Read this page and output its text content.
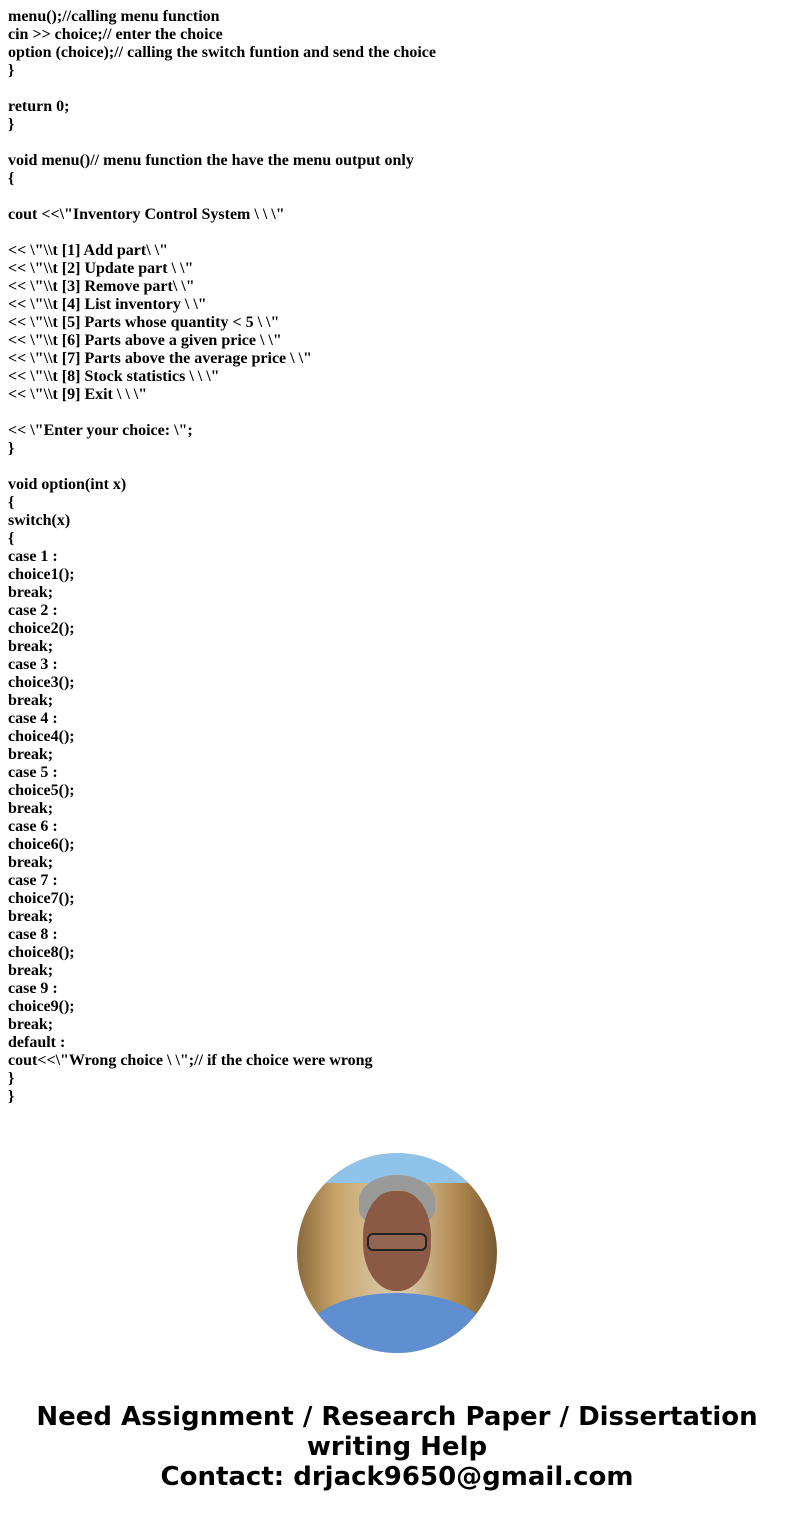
menu();//calling menu function
cin >> choice;// enter the choice
option (choice);// calling the switch funtion and send the choice
}
return 0;
}
void menu()// menu function the have the menu output only
{
cout <<\"Inventory Control System \ \ \"
<< \"\\t [1] Add part\ \"
<< \"\\t [2] Update part \ \"
<< \"\\t [3] Remove part\ \"
<< \"\\t [4] List inventory \ \"
<< \"\\t [5] Parts whose quantity < 5 \ \"
<< \"\\t [6] Parts above a given price \ \"
<< \"\\t [7] Parts above the average price \ \"
<< \"\\t [8] Stock statistics \ \ \"
<< \"\\t [9] Exit \ \ \"
<< \"Enter your choice: \";
}
void option(int x)
{
switch(x)
{
case 1 :
choice1();
break;
case 2 :
choice2();
break;
case 3 :
choice3();
break;
case 4 :
choice4();
break;
case 5 :
choice5();
break;
case 6 :
choice6();
break;
case 7 :
choice7();
break;
case 8 :
choice8();
break;
case 9 :
choice9();
break;
default :
cout<<\"Wrong choice \ \";// if the choice were wrong
}
}
Need Assignment / Research Paper / Dissertation writing Help
Contact: drjack9650@gmail.com
